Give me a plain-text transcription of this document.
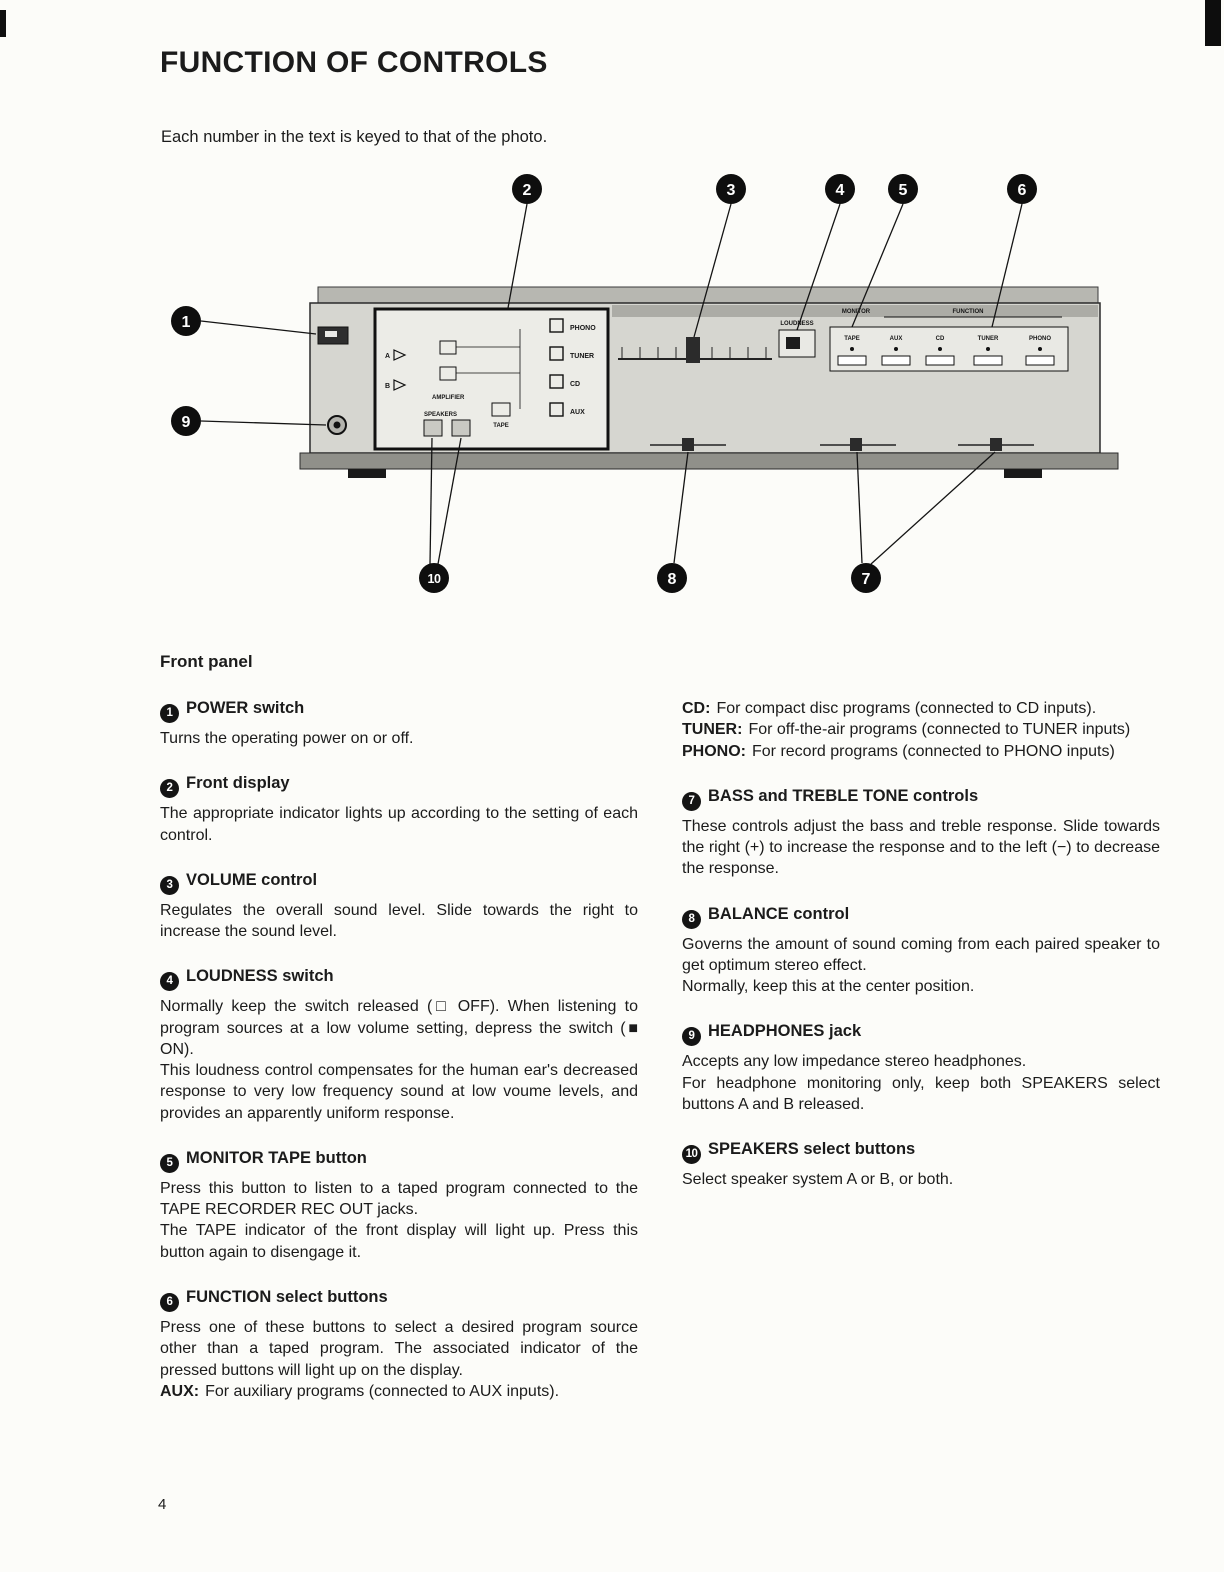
FUNCTION OF CONTROLS

Each number in the text is keyed to that of the photo.

A
B
AMPLIFIER
TAPE
SPEAKERS
PHONO
TUNER
CD
AUX
LOUDNESS
MONITOR	FUNCTION
TAPE	AUX	CD	TUNER	PHONO
1
2	3	4	5	6
9
10	8	7
Front panel
1 POWER switch

Turns the operating power on or off.

2 Front display

The appropriate indicator lights up according to the setting of each control.

3 VOLUME control

Regulates the overall sound level. Slide towards the right to increase the sound level.

4 LOUDNESS switch

Normally keep the switch released (□ OFF). When listening to program sources at a low volume setting, depress the switch (■ ON).

This loudness control compensates for the human ear's decreased response to very low frequency sound at low voume levels, and provides an apparently uniform response.

5 MONITOR TAPE button

Press this button to listen to a taped program connected to the TAPE RECORDER REC OUT jacks.

The TAPE indicator of the front display will light up. Press this button again to disengage it.

6 FUNCTION select buttons

Press one of these buttons to select a desired program source other than a taped program. The associated indicator of the pressed buttons will light up on the display.

AUX: For auxiliary programs (connected to AUX inputs).

CD: For compact disc programs (connected to CD inputs).

TUNER: For off-the-air programs (connected to TUNER inputs)

PHONO: For record programs (connected to PHONO inputs)

7 BASS and TREBLE TONE controls

These controls adjust the bass and treble response. Slide towards the right (+) to increase the response and to the left (−) to decrease the response.

8 BALANCE control

Governs the amount of sound coming from each paired speaker to get optimum stereo effect.

Normally, keep this at the center position.

9 HEADPHONES jack

Accepts any low impedance stereo headphones.

For headphone monitoring only, keep both SPEAKERS select buttons A and B released.

10 SPEAKERS select buttons

Select speaker system A or B, or both.

4
